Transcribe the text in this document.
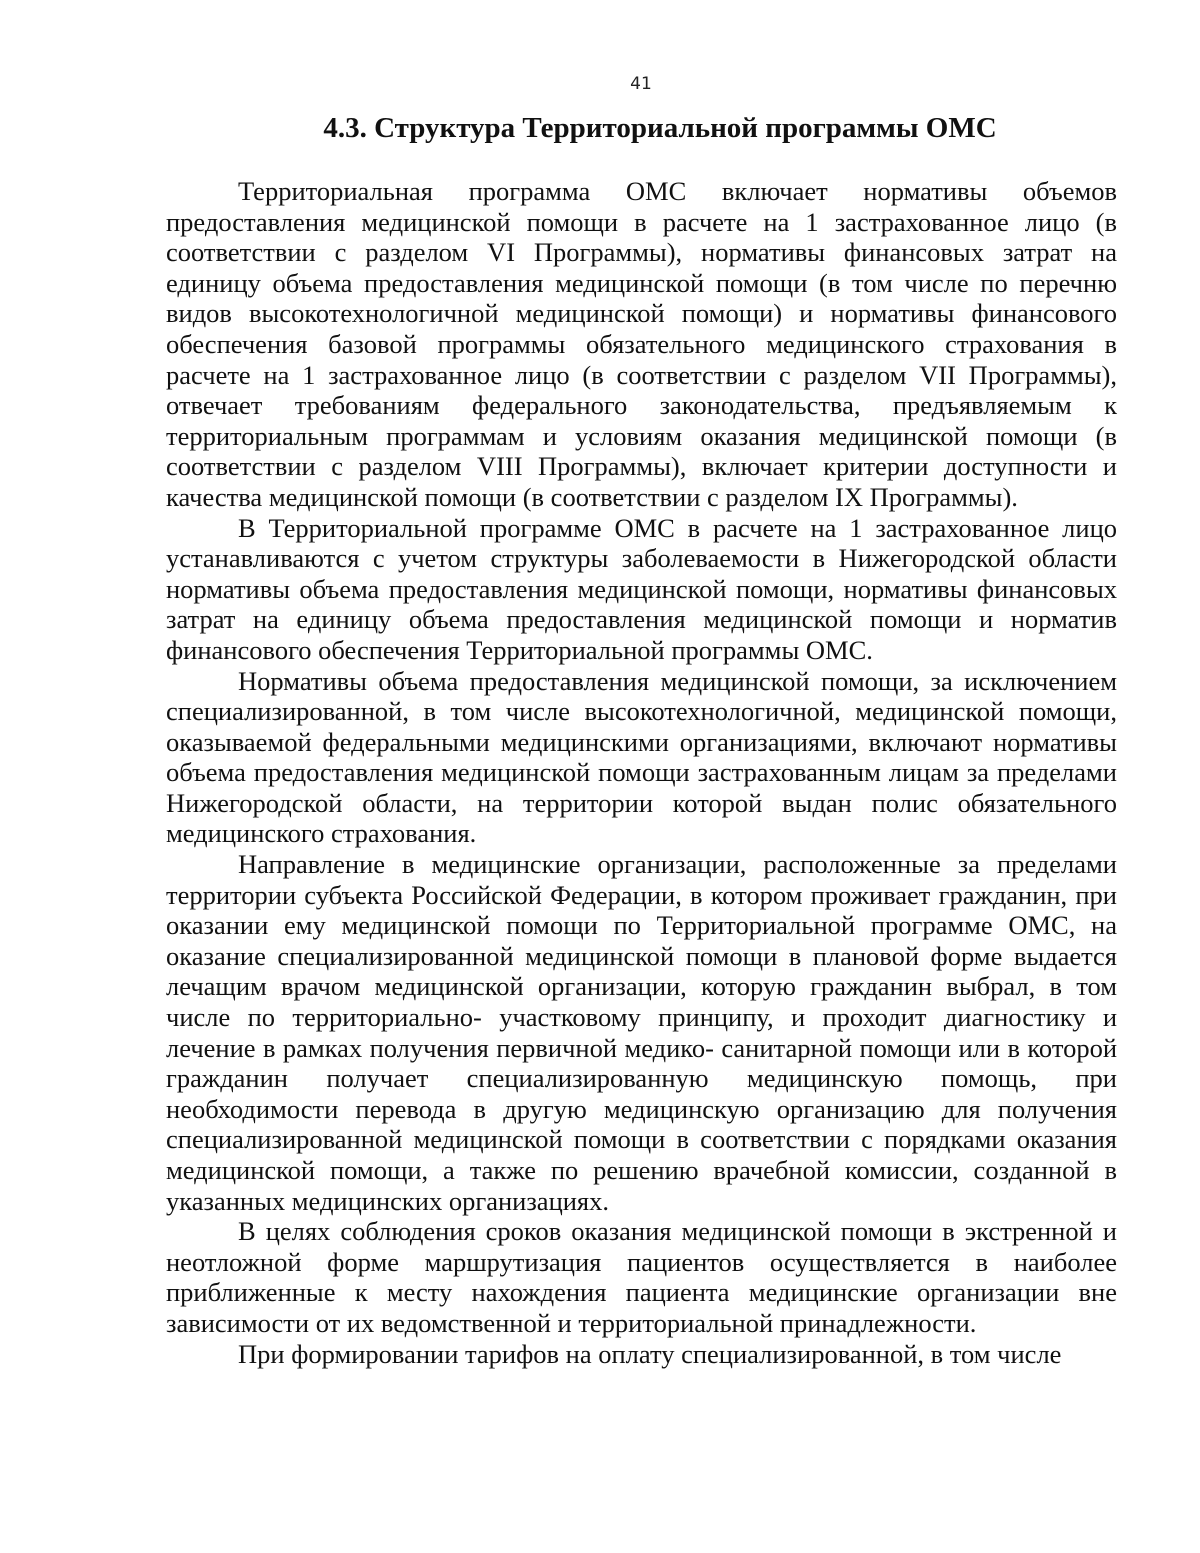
41
4.3. Структура Территориальной программы ОМС

Территориальная программа ОМС включает нормативы объемов предоставления медицинской помощи в расчете на 1 застрахованное лицо (в соответствии с разделом VI Программы), нормативы финансовых затрат на единицу объема предоставления медицинской помощи (в том числе по перечню видов высокотехнологичной медицинской помощи) и нормативы финансового обеспечения базовой программы обязательного медицинского страхования в расчете на 1 застрахованное лицо (в соответствии с разделом VII Программы), отвечает требованиям федерального законодательства, предъявляемым к территориальным программам и условиям оказания медицинской помощи (в соответствии с разделом VIII Программы), включает критерии доступности и качества медицинской помощи (в соответствии с разделом IX Программы).

В Территориальной программе ОМС в расчете на 1 застрахованное лицо устанавливаются с учетом структуры заболеваемости в Нижегородской области нормативы объема предоставления медицинской помощи, нормативы финансовых затрат на единицу объема предоставления медицинской помощи и норматив финансового обеспечения Территориальной программы ОМС.

Нормативы объема предоставления медицинской помощи, за исключением специализированной, в том числе высокотехнологичной, медицинской помощи, оказываемой федеральными медицинскими организациями, включают нормативы объема предоставления медицинской помощи застрахованным лицам за пределами Нижегородской области, на территории которой выдан полис обязательного медицинского страхования.

Направление в медицинские организации, расположенные за пределами территории субъекта Российской Федерации, в котором проживает гражданин, при оказании ему медицинской помощи по Территориальной программе ОМС, на оказание специализированной медицинской помощи в плановой форме выдается лечащим врачом медицинской организации, которую гражданин выбрал, в том числе по территориально- участковому принципу, и проходит диагностику и лечение в рамках получения первичной медико- санитарной помощи или в которой гражданин получает специализированную медицинскую помощь, при необходимости перевода в другую медицинскую организацию для получения специализированной медицинской помощи в соответствии с порядками оказания медицинской помощи, а также по решению врачебной комиссии, созданной в указанных медицинских организациях.

В целях соблюдения сроков оказания медицинской помощи в экстренной и неотложной форме маршрутизация пациентов осуществляется в наиболее приближенные к месту нахождения пациента медицинские организации вне зависимости от их ведомственной и территориальной принадлежности.

При формировании тарифов на оплату специализированной, в том числе
